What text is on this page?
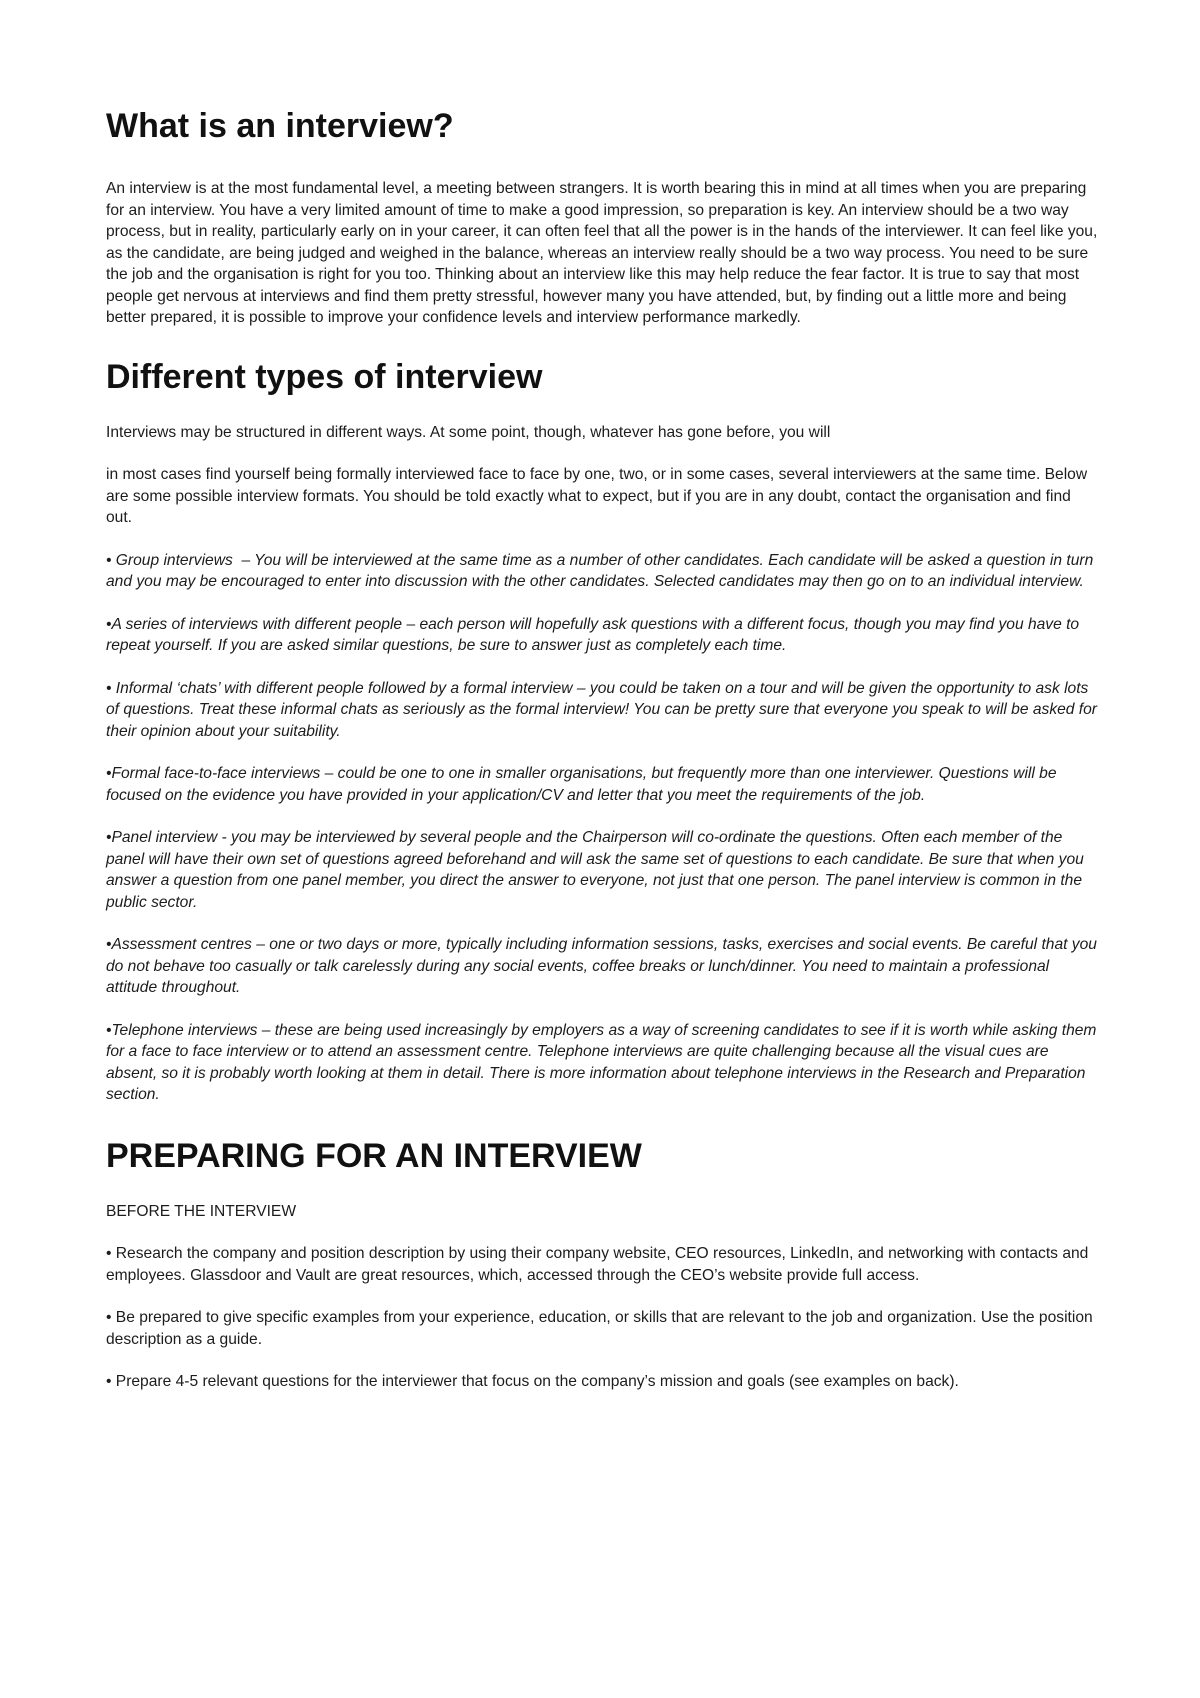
What is an interview?

An interview is at the most fundamental level, a meeting between strangers. It is worth bearing this in mind at all times when you are preparing for an interview. You have a very limited amount of time to make a good impression, so preparation is key. An interview should be a two way process, but in reality, particularly early on in your career, it can often feel that all the power is in the hands of the interviewer. It can feel like you, as the candidate, are being judged and weighed in the balance, whereas an interview really should be a two way process. You need to be sure the job and the organisation is right for you too. Thinking about an interview like this may help reduce the fear factor. It is true to say that most people get nervous at interviews and find them pretty stressful, however many you have attended, but, by finding out a little more and being better prepared, it is possible to improve your confidence levels and interview performance markedly.

Different types of interview

Interviews may be structured in different ways. At some point, though, whatever has gone before, you will

in most cases find yourself being formally interviewed face to face by one, two, or in some cases, several interviewers at the same time. Below are some possible interview formats. You should be told exactly what to expect, but if you are in any doubt, contact the organisation and find out.

• Group interviews  – You will be interviewed at the same time as a number of other candidates. Each candidate will be asked a question in turn and you may be encouraged to enter into discussion with the other candidates. Selected candidates may then go on to an individual interview.

•A series of interviews with different people – each person will hopefully ask questions with a different focus, though you may find you have to repeat yourself. If you are asked similar questions, be sure to answer just as completely each time.

• Informal ‘chats’ with different people followed by a formal interview – you could be taken on a tour and will be given the opportunity to ask lots of questions. Treat these informal chats as seriously as the formal interview! You can be pretty sure that everyone you speak to will be asked for their opinion about your suitability.

•Formal face-to-face interviews – could be one to one in smaller organisations, but frequently more than one interviewer. Questions will be focused on the evidence you have provided in your application/CV and letter that you meet the requirements of the job.

•Panel interview - you may be interviewed by several people and the Chairperson will co-ordinate the questions. Often each member of the panel will have their own set of questions agreed beforehand and will ask the same set of questions to each candidate. Be sure that when you answer a question from one panel member, you direct the answer to everyone, not just that one person. The panel interview is common in the public sector.

•Assessment centres – one or two days or more, typically including information sessions, tasks, exercises and social events. Be careful that you do not behave too casually or talk carelessly during any social events, coffee breaks or lunch/dinner. You need to maintain a professional attitude throughout.

•Telephone interviews – these are being used increasingly by employers as a way of screening candidates to see if it is worth while asking them for a face to face interview or to attend an assessment centre. Telephone interviews are quite challenging because all the visual cues are absent, so it is probably worth looking at them in detail. There is more information about telephone interviews in the Research and Preparation section.

PREPARING FOR AN INTERVIEW

BEFORE THE INTERVIEW

• Research the company and position description by using their company website, CEO resources, LinkedIn, and networking with contacts and employees. Glassdoor and Vault are great resources, which, accessed through the CEO’s website provide full access.

• Be prepared to give specific examples from your experience, education, or skills that are relevant to the job and organization. Use the position description as a guide.

• Prepare 4-5 relevant questions for the interviewer that focus on the company’s mission and goals (see examples on back).
